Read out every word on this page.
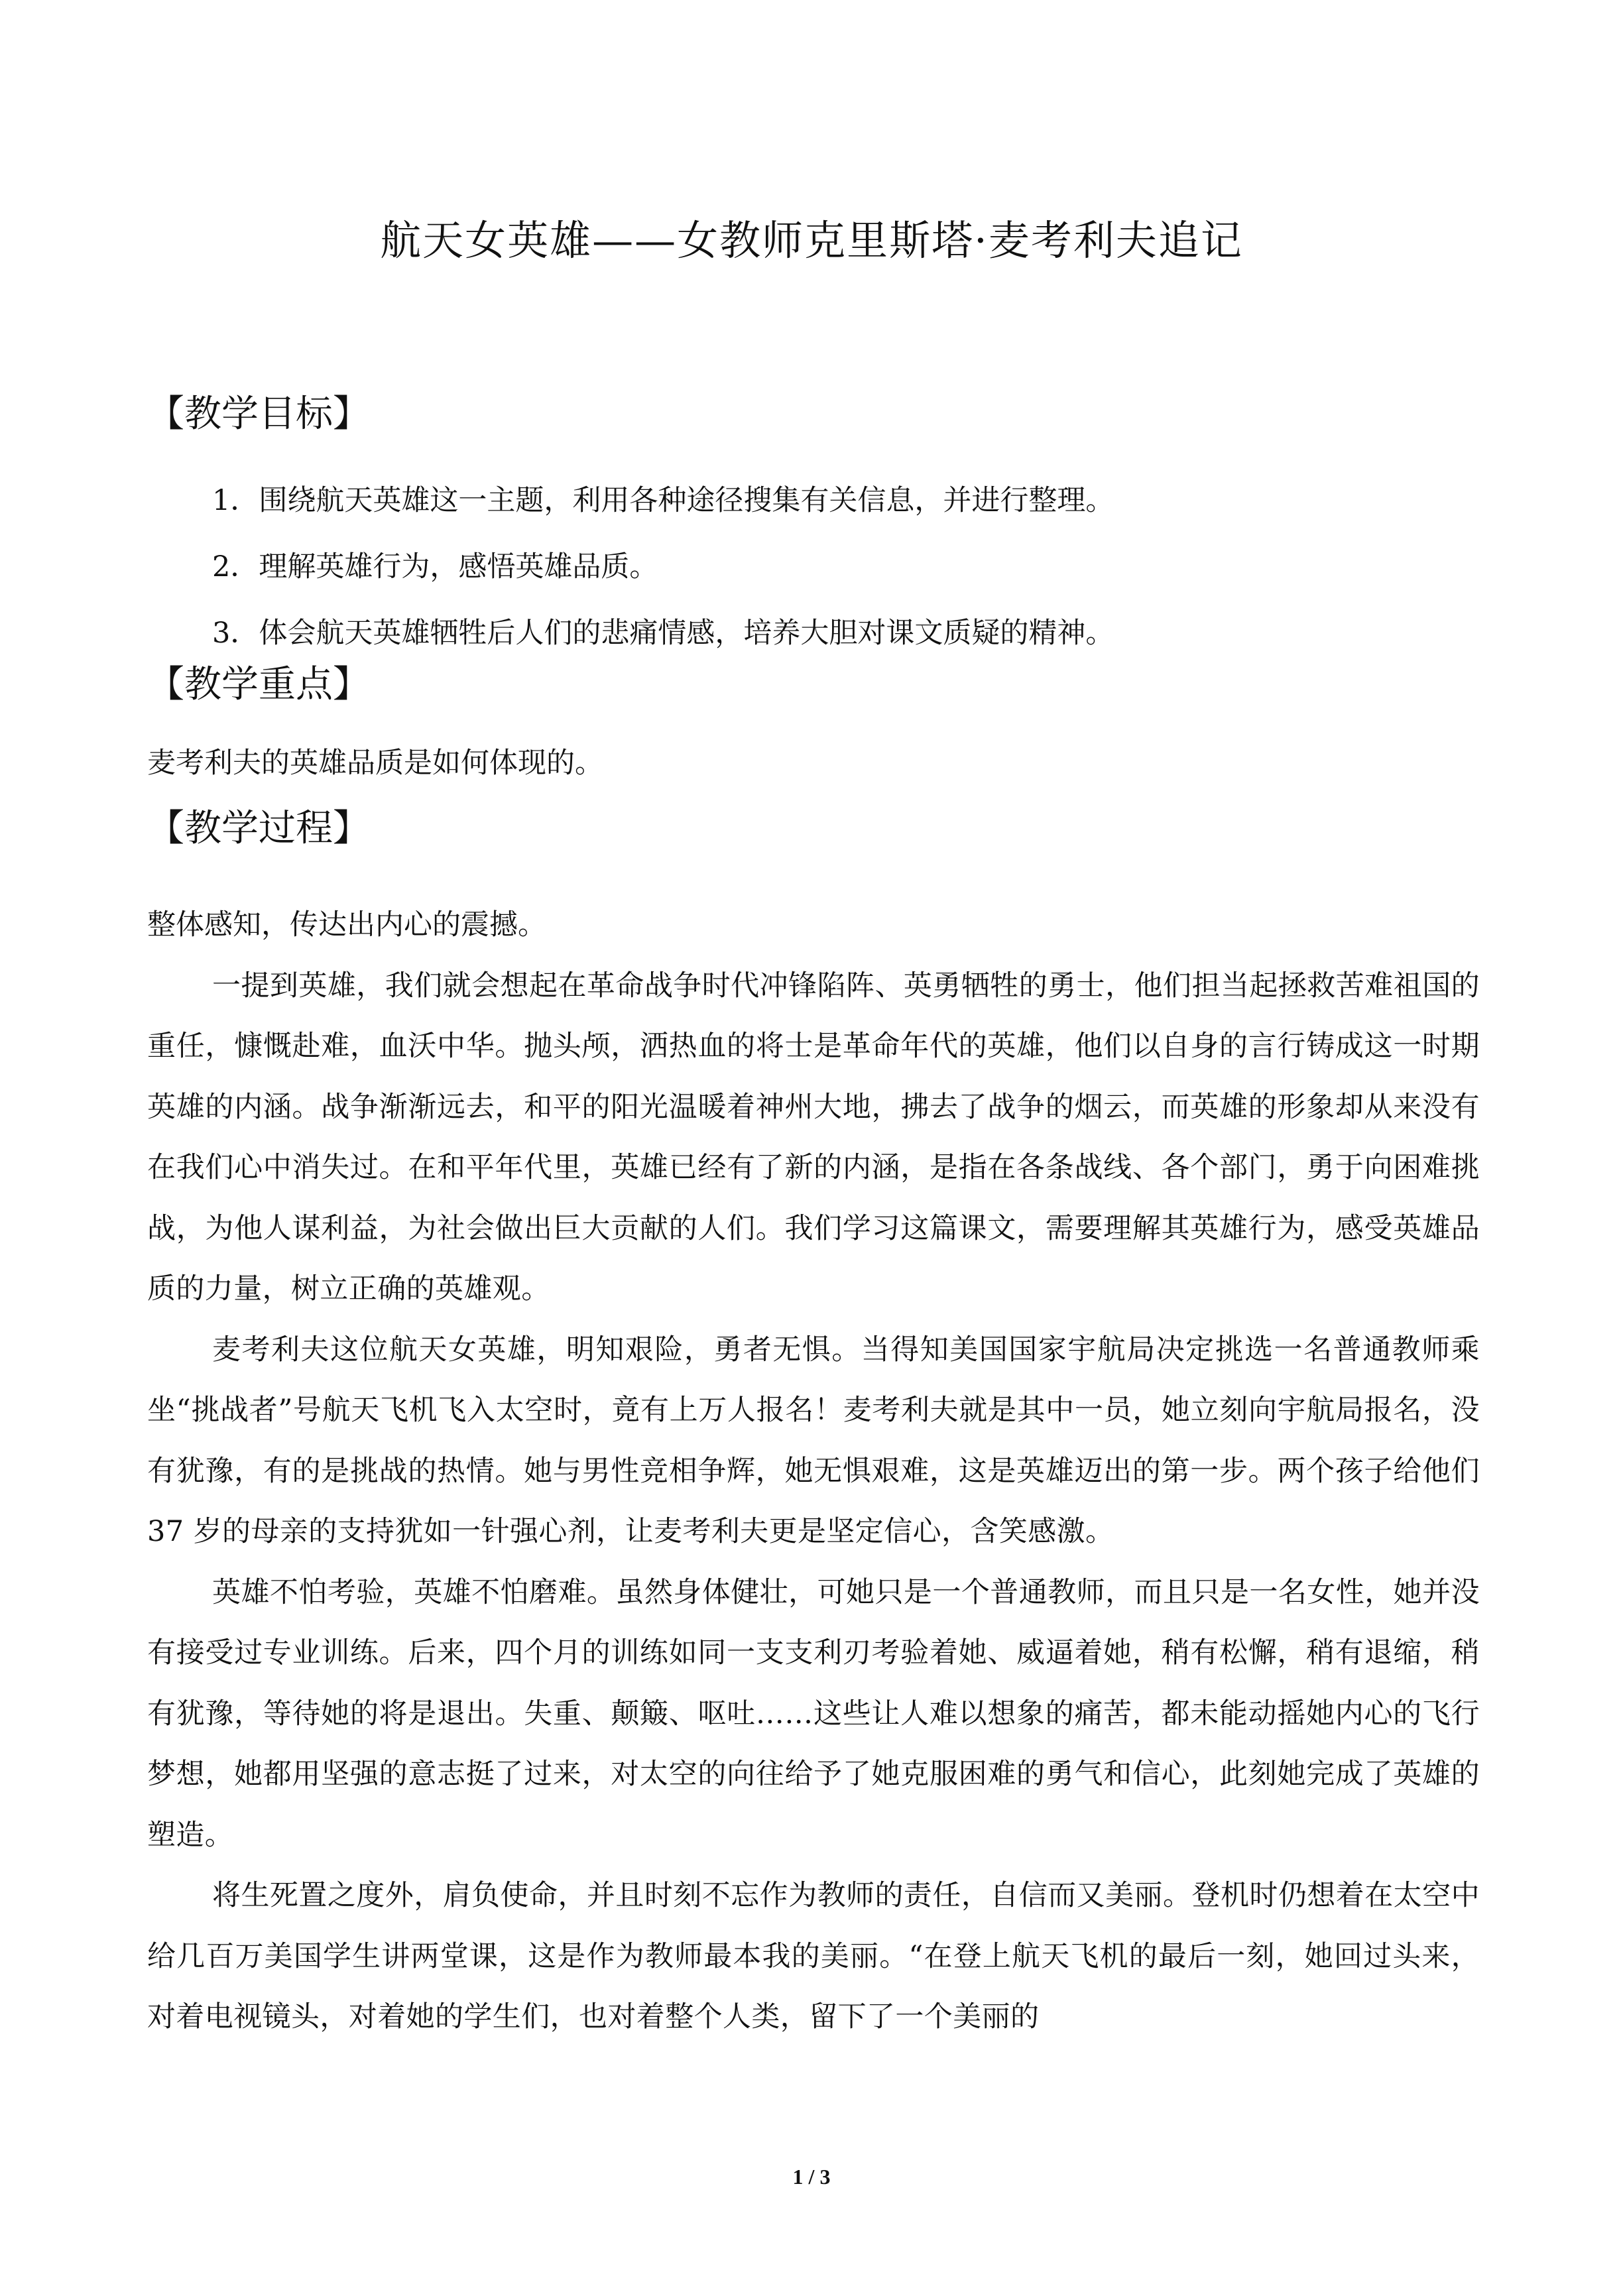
航天女英雄——女教师克里斯塔·麦考利夫追记
【教学目标】
1．围绕航天英雄这一主题，利用各种途径搜集有关信息，并进行整理。
2．理解英雄行为，感悟英雄品质。
3．体会航天英雄牺牲后人们的悲痛情感，培养大胆对课文质疑的精神。
【教学重点】

麦考利夫的英雄品质是如何体现的。

【教学过程】

整体感知，传达出内心的震撼。

一提到英雄，我们就会想起在革命战争时代冲锋陷阵、英勇牺牲的勇士，他们担当起拯救苦难祖国的重任，慷慨赴难，血沃中华。抛头颅，洒热血的将士是革命年代的英雄，他们以自身的言行铸成这一时期英雄的内涵。战争渐渐远去，和平的阳光温暖着神州大地，拂去了战争的烟云，而英雄的形象却从来没有在我们心中消失过。在和平年代里，英雄已经有了新的内涵，是指在各条战线、各个部门，勇于向困难挑战，为他人谋利益，为社会做出巨大贡献的人们。我们学习这篇课文，需要理解其英雄行为，感受英雄品质的力量，树立正确的英雄观。

麦考利夫这位航天女英雄，明知艰险，勇者无惧。当得知美国国家宇航局决定挑选一名普通教师乘坐“挑战者”号航天飞机飞入太空时，竟有上万人报名！麦考利夫就是其中一员，她立刻向宇航局报名，没有犹豫，有的是挑战的热情。她与男性竞相争辉，她无惧艰难，这是英雄迈出的第一步。两个孩子给他们 37 岁的母亲的支持犹如一针强心剂，让麦考利夫更是坚定信心，含笑感激。

英雄不怕考验，英雄不怕磨难。虽然身体健壮，可她只是一个普通教师，而且只是一名女性，她并没有接受过专业训练。后来，四个月的训练如同一支支利刃考验着她、威逼着她，稍有松懈，稍有退缩，稍有犹豫，等待她的将是退出。失重、颠簸、呕吐……这些让人难以想象的痛苦，都未能动摇她内心的飞行梦想，她都用坚强的意志挺了过来，对太空的向往给予了她克服困难的勇气和信心，此刻她完成了英雄的塑造。

将生死置之度外，肩负使命，并且时刻不忘作为教师的责任，自信而又美丽。登机时仍想着在太空中给几百万美国学生讲两堂课，这是作为教师最本我的美丽。“在登上航天飞机的最后一刻，她回过头来，对着电视镜头，对着她的学生们，也对着整个人类，留下了一个美丽的

1 / 3
